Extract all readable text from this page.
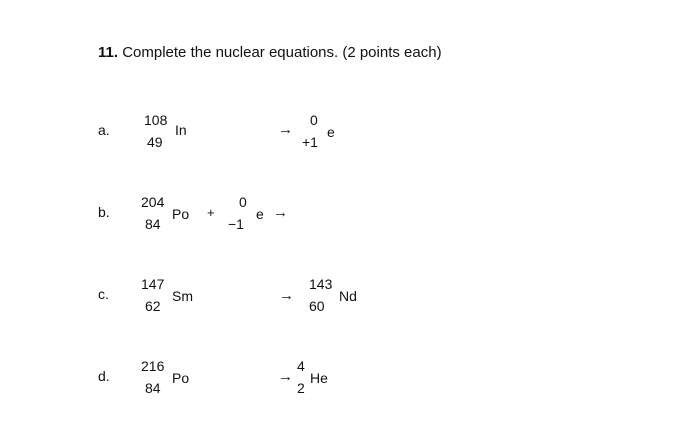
11. Complete the nuclear equations. (2 points each)
a.
108
49
In	→
0
+1
e
b.
204
84
Po +
0
−1
e →
c.
147
62
Sm	→
143
60
Nd
d.
216
84
Po	→
4
2
He
